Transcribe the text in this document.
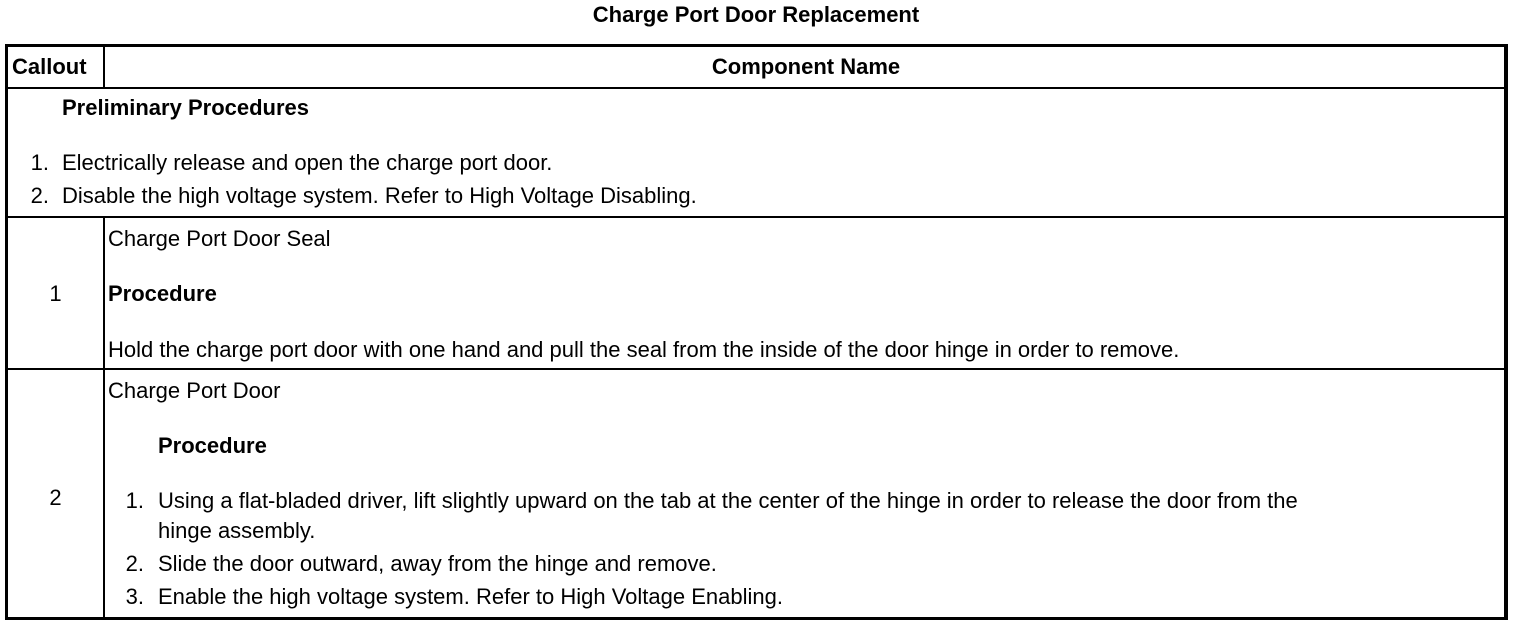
Charge Port Door Replacement
Callout	Component Name
Preliminary Procedures
1. Electrically release and open the charge port door.
2. Disable the high voltage system. Refer to High Voltage Disabling.
1
Charge Port Door Seal
Procedure
Hold the charge port door with one hand and pull the seal from the inside of the door hinge in order to remove.
2
Charge Port Door
Procedure
1. Using a flat-bladed driver, lift slightly upward on the tab at the center of the hinge in order to release the door from the
hinge assembly.
2. Slide the door outward, away from the hinge and remove.
3. Enable the high voltage system. Refer to High Voltage Enabling.
